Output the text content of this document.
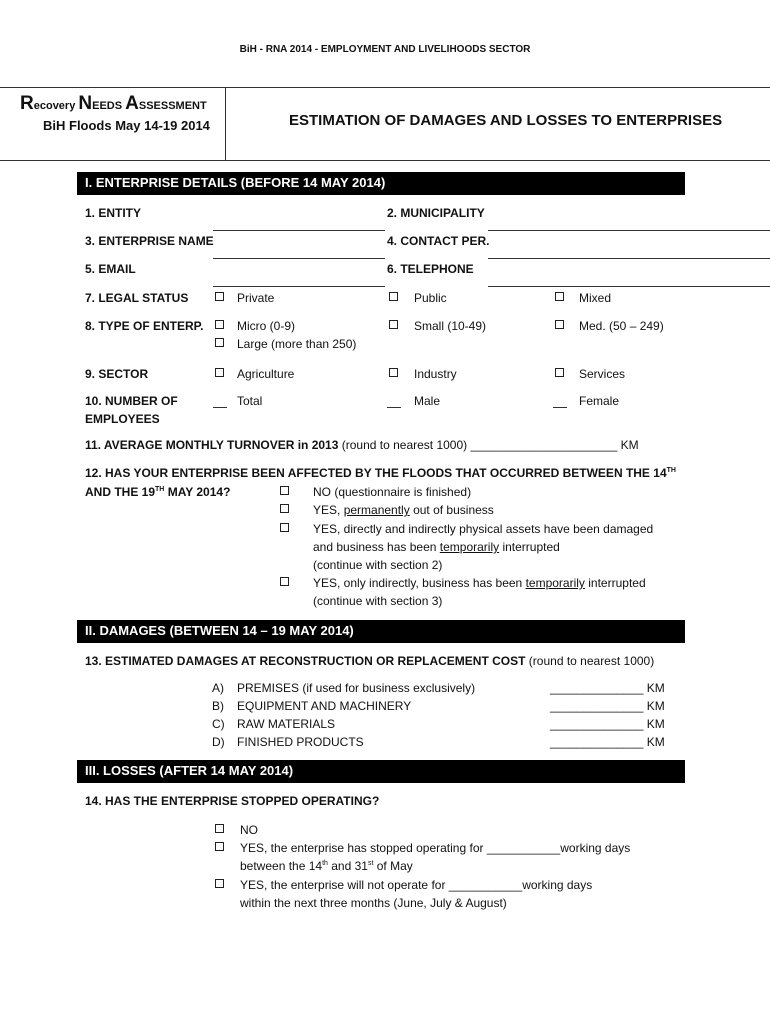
BiH - RNA 2014 - EMPLOYMENT AND LIVELIHOODS SECTOR
Recovery NEEDS ASSESSMENT
BiH Floods May 14-19 2014	ESTIMATION OF DAMAGES AND LOSSES TO ENTERPRISES
I. ENTERPRISE DETAILS (BEFORE 14 MAY 2014)
1. ENTITY	2. MUNICIPALITY
3. ENTERPRISE NAME	4. CONTACT PER.
5. EMAIL	6. TELEPHONE
7. LEGAL STATUS	Private	Public	Mixed
8. TYPE OF ENTERP.	Micro (0-9)	Small (10-49)	Med. (50 – 249)
Large (more than 250)
9. SECTOR	Agriculture	Industry	Services
10. NUMBER OF
EMPLOYEES
Total	Male	Female
11. AVERAGE MONTHLY TURNOVER in 2013 (round to nearest 1000) ______________________ KM
12. HAS YOUR ENTERPRISE BEEN AFFECTED BY THE FLOODS THAT OCCURRED BETWEEN THE 14TH
AND THE 19TH MAY 2014?	NO (questionnaire is finished)
YES, permanently out of business
YES, directly and indirectly physical assets have been damaged
and business has been temporarily interrupted
(continue with section 2)
YES, only indirectly, business has been temporarily interrupted
(continue with section 3)
II. DAMAGES (BETWEEN 14 – 19 MAY 2014)
13. ESTIMATED DAMAGES AT RECONSTRUCTION OR REPLACEMENT COST (round to nearest 1000)
A) PREMISES (if used for business exclusively)	______________ KM
B) EQUIPMENT AND MACHINERY	______________ KM
C) RAW MATERIALS	______________ KM
D) FINISHED PRODUCTS	______________ KM
III. LOSSES (AFTER 14 MAY 2014)
14. HAS THE ENTERPRISE STOPPED OPERATING?
NO
YES, the enterprise has stopped operating for ___________working days
between the 14th and 31st of May
YES, the enterprise will not operate for ___________working days
within the next three months (June, July & August)
